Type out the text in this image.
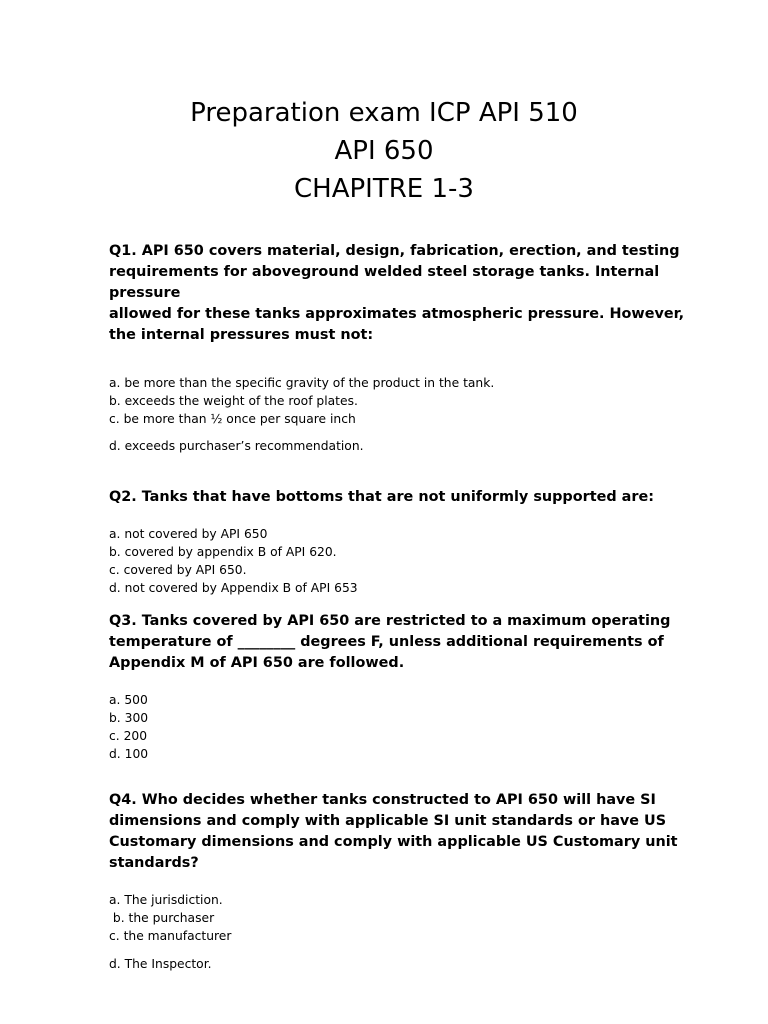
Preparation exam ICP API 510
API 650
CHAPITRE 1-3
Q1. API 650 covers material, design, fabrication, erection, and testing
requirements for aboveground welded steel storage tanks. Internal
pressure
allowed for these tanks approximates atmospheric pressure. However,
the internal pressures must not:
a. be more than the specific gravity of the product in the tank.
b. exceeds the weight of the roof plates.
c. be more than ½ once per square inch
d. exceeds purchaser’s recommendation.
Q2. Tanks that have bottoms that are not uniformly supported are:
a. not covered by API 650
b. covered by appendix B of API 620.
c. covered by API 650.
d. not covered by Appendix B of API 653
Q3. Tanks covered by API 650 are restricted to a maximum operating
temperature of ________ degrees F, unless additional requirements of
Appendix M of API 650 are followed.
a. 500
b. 300
c. 200
d. 100
Q4. Who decides whether tanks constructed to API 650 will have SI
dimensions and comply with applicable SI unit standards or have US
Customary dimensions and comply with applicable US Customary unit
standards?
a. The jurisdiction.
b. the purchaser
c. the manufacturer
d. The Inspector.
